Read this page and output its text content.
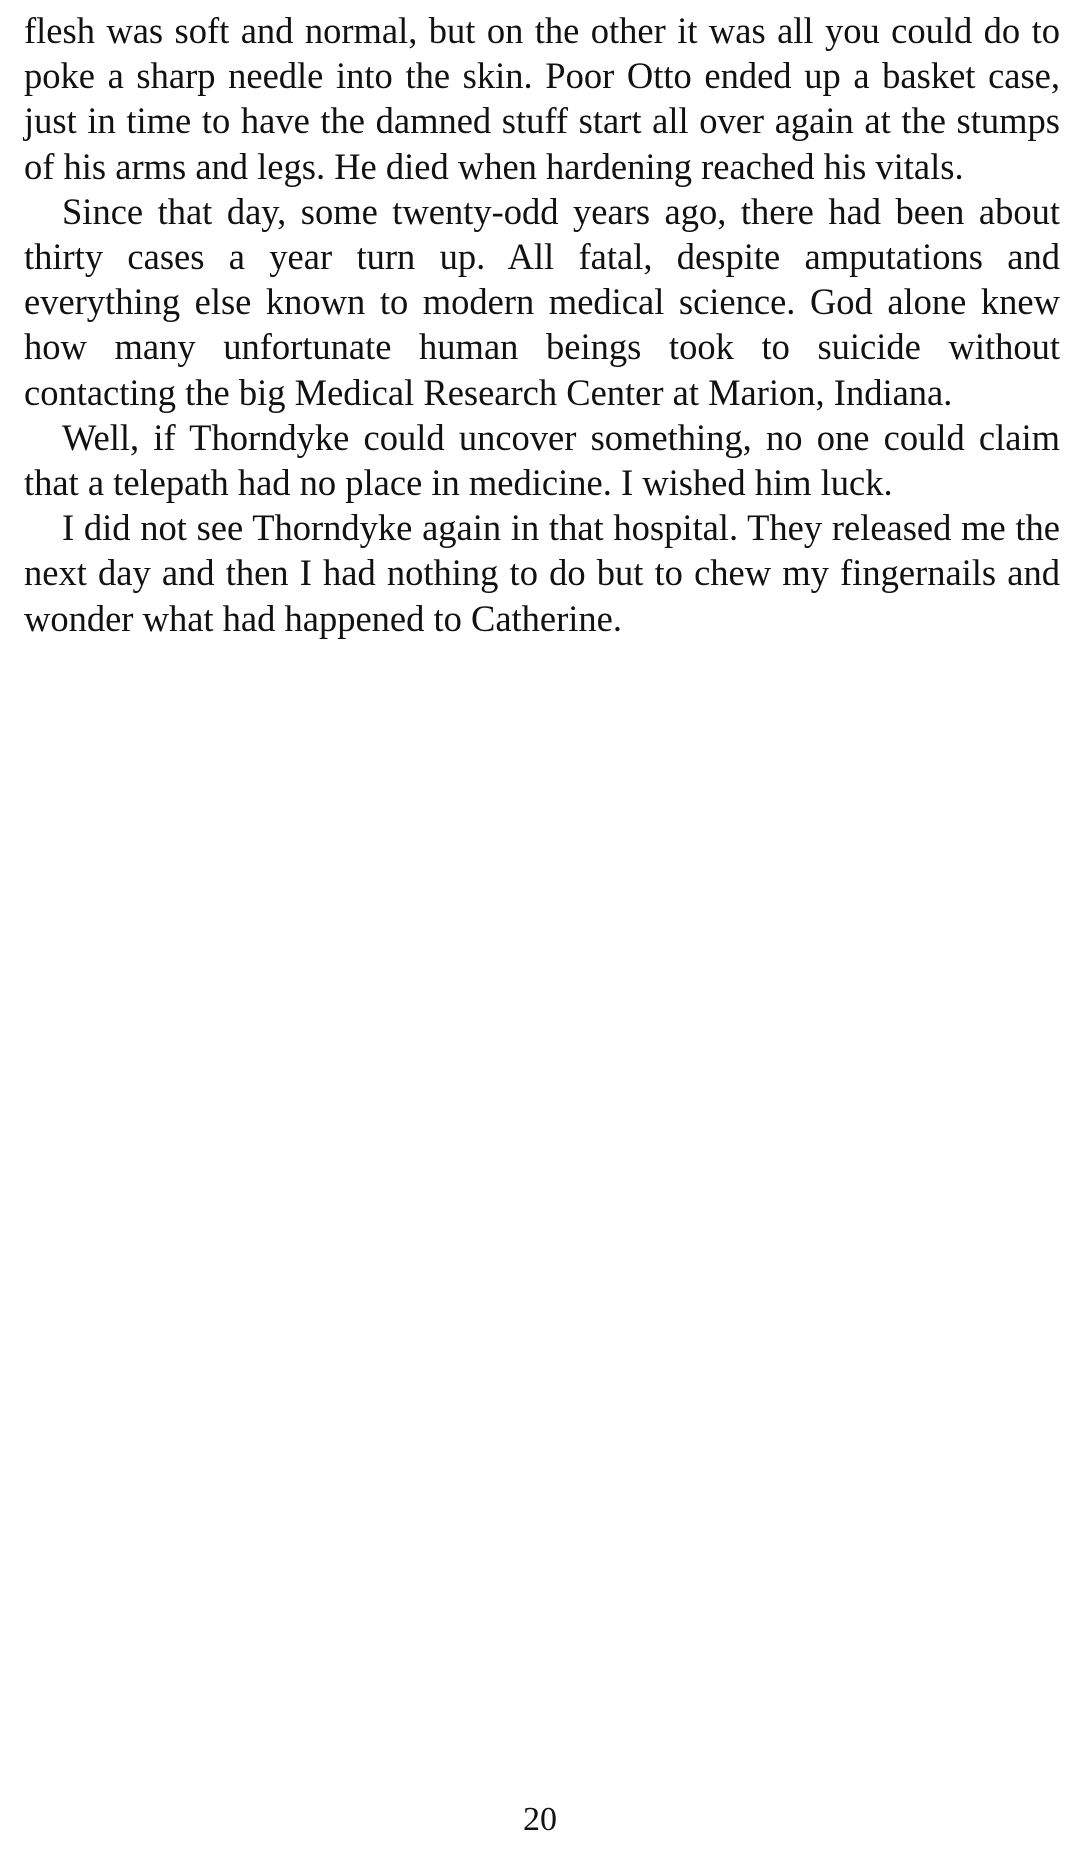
flesh was soft and normal, but on the other it was all you could do to poke a sharp needle into the skin. Poor Otto ended up a basket case, just in time to have the damned stuff start all over again at the stumps of his arms and legs. He died when hardening reached his vitals.

Since that day, some twenty-odd years ago, there had been about thirty cases a year turn up. All fatal, despite amputations and everything else known to modern medical science. God alone knew how many unfortunate human beings took to suicide without contacting the big Medical Research Center at Marion, Indiana.

Well, if Thorndyke could uncover something, no one could claim that a telepath had no place in medicine. I wished him luck.

I did not see Thorndyke again in that hospital. They released me the next day and then I had nothing to do but to chew my fingernails and wonder what had happened to Catherine.

20
